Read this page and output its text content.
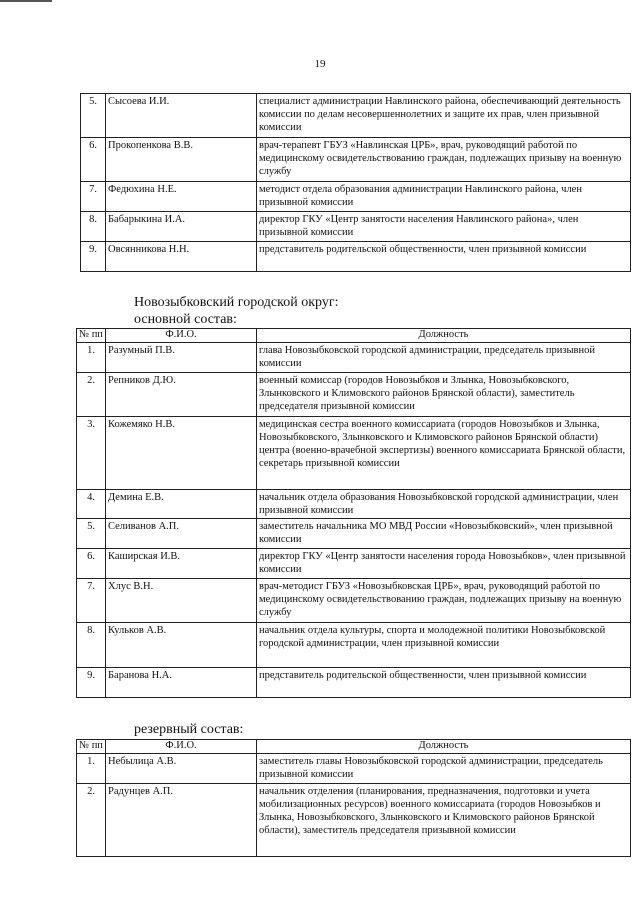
19
5.	Сысоева И.И.	специалист администрации Навлинского района, обеспечивающий деятельность комиссии по делам несовершеннолетних и защите их прав, член призывной комиссии
6.	Прокопенкова В.В.	врач-терапевт ГБУЗ «Навлинская ЦРБ», врач, руководящий работой по медицинскому освидетельствованию граждан, подлежащих призыву на военную службу
7.	Федюхина Н.Е.	методист отдела образования администрации Навлинского района, член призывной комиссии
8.	Бабарыкина И.А.	директор ГКУ «Центр занятости населения Навлинского района», член призывной комиссии
9.	Овсянникова Н.Н.	представитель родительской общественности, член призывной комиссии
Новозыбковский городской округ:
основной состав:
№ пп	Ф.И.О.	Должность
1.	Разумный П.В.	глава Новозыбковской городской администрации, председатель призывной комиссии
2.	Репников Д.Ю.	военный комиссар (городов Новозыбков и Злынка, Новозыбковского, Злынковского и Климовского районов Брянской области), заместитель председателя призывной комиссии
3.	Кожемяко Н.В.	медицинская сестра военного комиссариата (городов Новозыбков и Злынка, Новозыбковского, Злынковского и Климовского районов Брянской области) центра (военно-врачебной экспертизы) военного комиссариата Брянской области, секретарь призывной комиссии
4.	Демина Е.В.	начальник отдела образования Новозыбковской городской администрации, член призывной комиссии
5.	Селиванов А.П.	заместитель начальника МО МВД России «Новозыбковский», член призывной комиссии
6.	Каширская И.В.	директор ГКУ «Центр занятости населения города Новозыбков», член призывной комиссии
7.	Хлус В.Н.	врач-методист ГБУЗ «Новозыбковская ЦРБ», врач, руководящий работой по медицинскому освидетельствованию граждан, подлежащих призыву на военную службу
8.	Кульков А.В.	начальник отдела культуры, спорта и молодежной политики Новозыбковской городской администрации, член призывной комиссии
9.	Баранова Н.А.	представитель родительской общественности, член призывной комиссии
резервный состав:
№ пп	Ф.И.О.	Должность
1.	Небылица А.В.	заместитель главы Новозыбковской городской администрации, председатель призывной комиссии
2.	Радунцев А.П.	начальник отделения (планирования, предназначения, подготовки и учета мобилизационных ресурсов) военного комиссариата (городов Новозыбков и Злынка, Новозыбковского, Злынковского и Климовского районов Брянской области), заместитель председателя призывной комиссии
